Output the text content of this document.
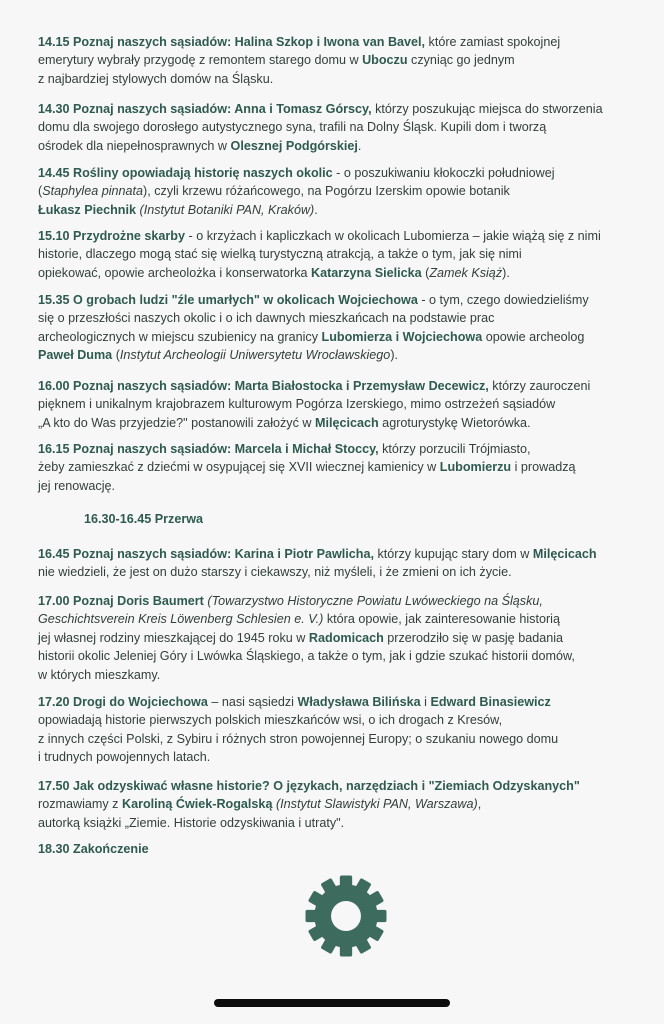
14.15 Poznaj naszych sąsiadów: Halina Szkop i Iwona van Bavel, które zamiast spokojnej
emerytury wybrały przygodę z remontem starego domu w Uboczu czyniąc go jednym
z najbardziej stylowych domów na Śląsku.
14.30 Poznaj naszych sąsiadów: Anna i Tomasz Górscy, którzy poszukując miejsca do stworzenia
domu dla swojego dorosłego autystycznego syna, trafili na Dolny Śląsk. Kupili dom i tworzą
ośrodek dla niepełnosprawnych w Olesznej Podgórskiej.
14.45 Rośliny opowiadają historię naszych okolic - o poszukiwaniu kłokoczki południowej
(Staphylea pinnata), czyli krzewu różańcowego, na Pogórzu Izerskim opowie botanik
Łukasz Piechnik (Instytut Botaniki PAN, Kraków).
15.10 Przydrożne skarby - o krzyżach i kapliczkach w okolicach Lubomierza – jakie wiążą się z nimi
historie, dlaczego mogą stać się wielką turystyczną atrakcją, a także o tym, jak się nimi
opiekować, opowie archeolożka i konserwatorka Katarzyna Sielicka (Zamek Książ).
15.35 O grobach ludzi "źle umarłych" w okolicach Wojciechowa - o tym, czego dowiedzieliśmy
się o przeszłości naszych okolic i o ich dawnych mieszkańcach na podstawie prac
archeologicznych w miejscu szubienicy na granicy Lubomierza i Wojciechowa opowie archeolog
Paweł Duma (Instytut Archeologii Uniwersytetu Wrocławskiego).
16.00 Poznaj naszych sąsiadów: Marta Białostocka i Przemysław Decewicz, którzy zauroczeni
pięknem i unikalnym krajobrazem kulturowym Pogórza Izerskiego, mimo ostrzeżeń sąsiadów
„A kto do Was przyjedzie?" postanowili założyć w Milęcicach agroturystykę Wietorówka.
16.15 Poznaj naszych sąsiadów: Marcela i Michał Stoccy, którzy porzucili Trójmiasto,
żeby zamieszkać z dziećmi w osypującej się XVII wiecznej kamienicy w Lubomierzu i prowadzą
jej renowację.
16.30-16.45 Przerwa
16.45 Poznaj naszych sąsiadów: Karina i Piotr Pawlicha, którzy kupując stary dom w Milęcicach
nie wiedzieli, że jest on dużo starszy i ciekawszy, niż myśleli, i że zmieni on ich życie.
17.00 Poznaj Doris Baumert (Towarzystwo Historyczne Powiatu Lwóweckiego na Śląsku,
Geschichtsverein Kreis Löwenberg Schlesien e. V.) która opowie, jak zainteresowanie historią
jej własnej rodziny mieszkającej do 1945 roku w Radomicach przerodziło się w pasję badania
historii okolic Jeleniej Góry i Lwówka Śląskiego, a także o tym, jak i gdzie szukać historii domów,
w których mieszkamy.
17.20 Drogi do Wojciechowa – nasi sąsiedzi Władysława Bilińska i Edward Binasiewicz
opowiadają historie pierwszych polskich mieszkańców wsi, o ich drogach z Kresów,
z innych części Polski, z Sybiru i różnych stron powojennej Europy; o szukaniu nowego domu
i trudnych powojennych latach.
17.50 Jak odzyskiwać własne historie? O językach, narzędziach i "Ziemiach Odzyskanych"
rozmawiamy z Karoliną Ćwiek-Rogalską (Instytut Slawistyki PAN, Warszawa),
autorką książki „Ziemie. Historie odzyskiwania i utraty".
18.30 Zakończenie
